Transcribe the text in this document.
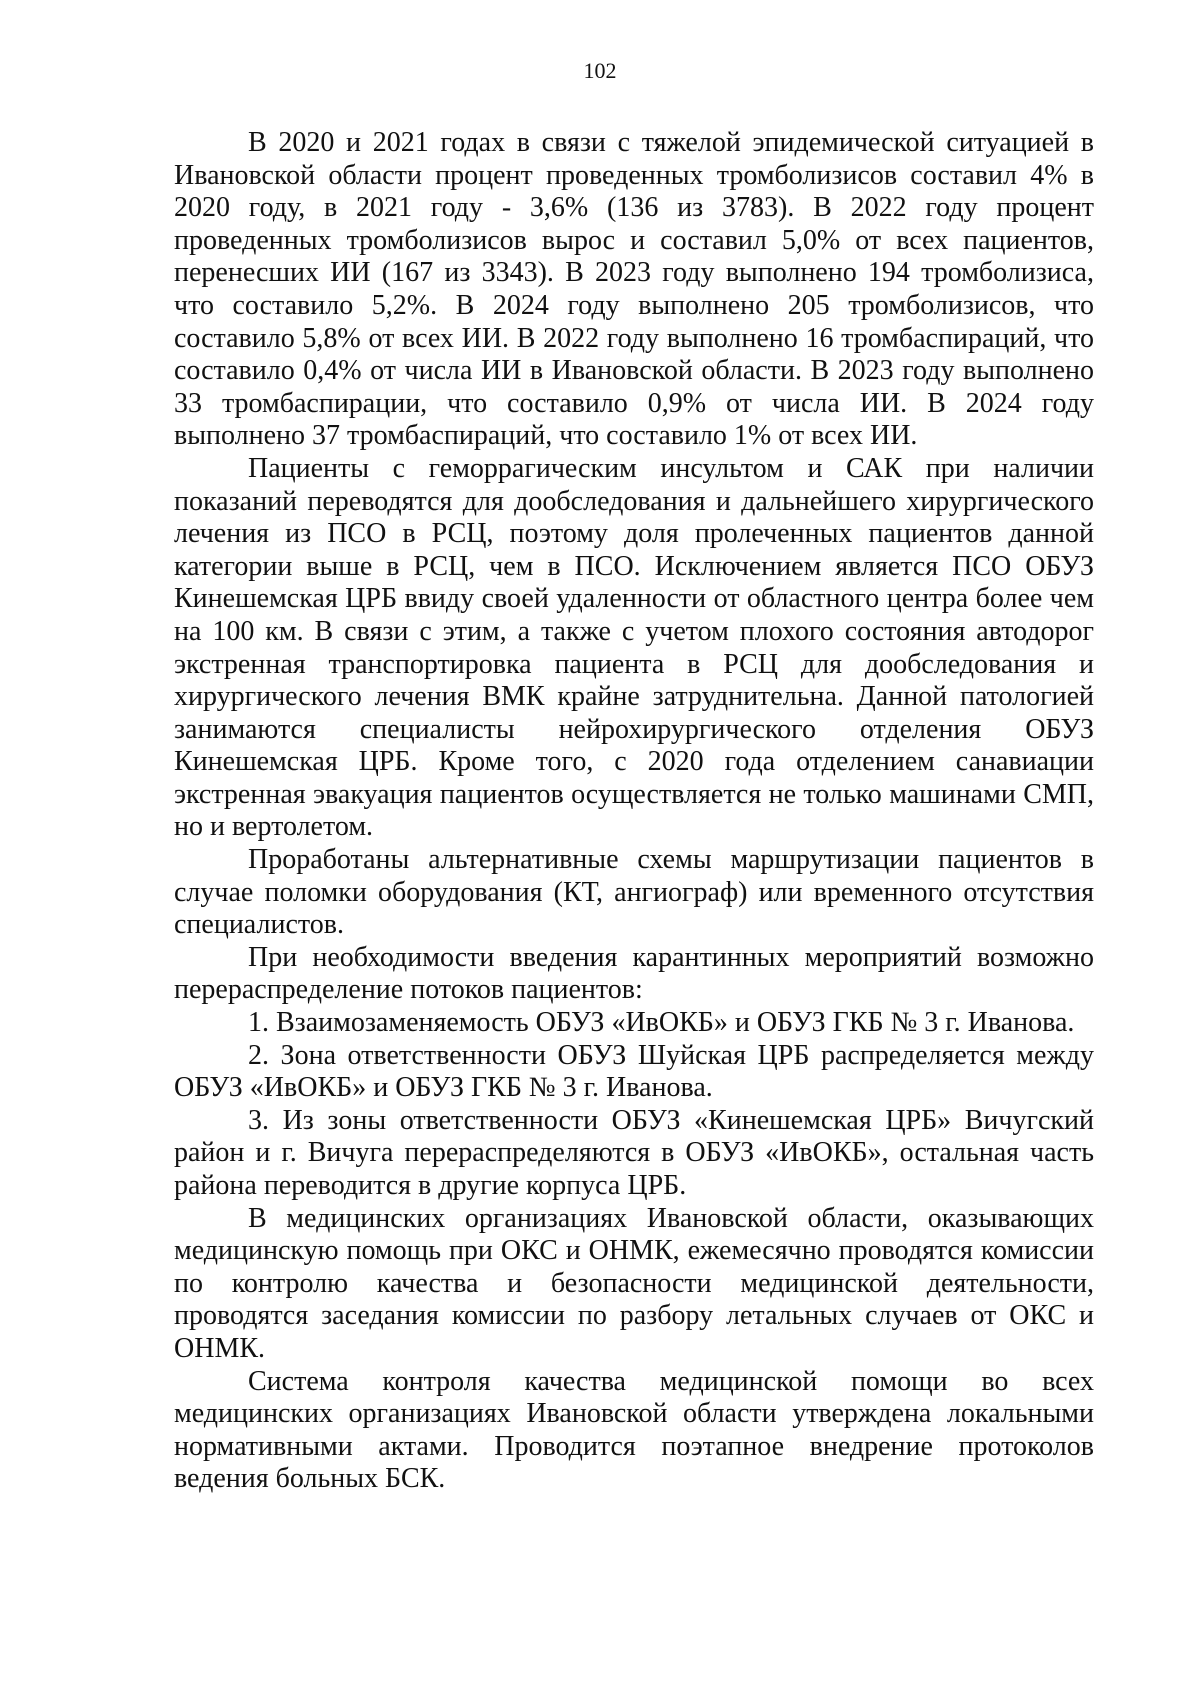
102

В 2020 и 2021 годах в связи с тяжелой эпидемической ситуацией в Ивановской области процент проведенных тромболизисов составил 4% в 2020 году, в 2021 году - 3,6% (136 из 3783). В 2022 году процент проведенных тромболизисов вырос и составил 5,0% от всех пациентов, перенесших ИИ (167 из 3343). В 2023 году выполнено 194 тромболизиса, что составило 5,2%. В 2024 году выполнено 205 тромболизисов, что составило 5,8% от всех ИИ. В 2022 году выполнено 16 тромбаспираций, что составило 0,4% от числа ИИ в Ивановской области. В 2023 году выполнено 33 тромбаспирации, что составило 0,9% от числа ИИ. В 2024 году выполнено 37 тромбаспираций, что составило 1% от всех ИИ.

Пациенты с геморрагическим инсультом и САК при наличии показаний переводятся для дообследования и дальнейшего хирургического лечения из ПСО в РСЦ, поэтому доля пролеченных пациентов данной категории выше в РСЦ, чем в ПСО. Исключением является ПСО ОБУЗ Кинешемская ЦРБ ввиду своей удаленности от областного центра более чем на 100 км. В связи с этим, а также с учетом плохого состояния автодорог экстренная транспортировка пациента в РСЦ для дообследования и хирургического лечения ВМК крайне затруднительна. Данной патологией занимаются специалисты нейрохирургического отделения ОБУЗ Кинешемская ЦРБ. Кроме того, с 2020 года отделением санавиации экстренная эвакуация пациентов осуществляется не только машинами СМП, но и вертолетом.

Проработаны альтернативные схемы маршрутизации пациентов в случае поломки оборудования (КТ, ангиограф) или временного отсутствия специалистов.

При необходимости введения карантинных мероприятий возможно перераспределение потоков пациентов:

1. Взаимозаменяемость ОБУЗ «ИвОКБ» и ОБУЗ ГКБ № 3 г. Иванова.

2. Зона ответственности ОБУЗ Шуйская ЦРБ распределяется между ОБУЗ «ИвОКБ» и ОБУЗ ГКБ № 3 г. Иванова.

3. Из зоны ответственности ОБУЗ «Кинешемская ЦРБ» Вичугский район и г. Вичуга перераспределяются в ОБУЗ «ИвОКБ», остальная часть района переводится в другие корпуса ЦРБ.

В медицинских организациях Ивановской области, оказывающих медицинскую помощь при ОКС и ОНМК, ежемесячно проводятся комиссии по контролю качества и безопасности медицинской деятельности, проводятся заседания комиссии по разбору летальных случаев от ОКС и ОНМК.

Система контроля качества медицинской помощи во всех медицинских организациях Ивановской области утверждена локальными нормативными актами. Проводится поэтапное внедрение протоколов ведения больных БСК.
